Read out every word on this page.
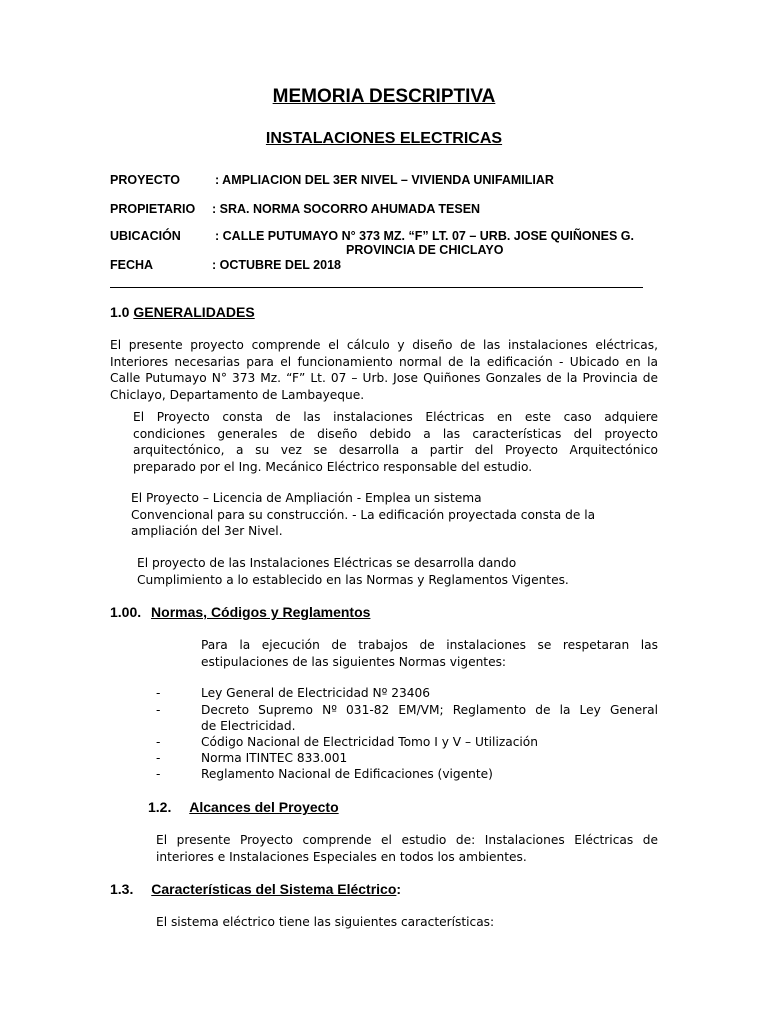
MEMORIA DESCRIPTIVA
INSTALACIONES ELECTRICAS
PROYECTO	: AMPLIACION DEL 3ER NIVEL – VIVIENDA UNIFAMILIAR
PROPIETARIO : SRA. NORMA SOCORRO AHUMADA TESEN
UBICACIÓN	: CALLE PUTUMAYO N° 373 MZ. “F” LT. 07 – URB. JOSE QUIÑONES G.
PROVINCIA DE CHICLAYO
FECHA	: OCTUBRE DEL 2018
1.0 GENERALIDADES
El presente proyecto comprende el cálculo y diseño de las instalaciones eléctricas,
Interiores necesarias para el funcionamiento normal de la edificación - Ubicado en la
Calle Putumayo N° 373 Mz. “F” Lt. 07 – Urb. Jose Quiñones Gonzales de la Provincia de
Chiclayo, Departamento de Lambayeque.
El Proyecto consta de las instalaciones Eléctricas en este caso adquiere
condiciones generales de diseño debido a las características del proyecto
arquitectónico, a su vez se desarrolla a partir del Proyecto Arquitectónico
preparado por el Ing. Mecánico Eléctrico responsable del estudio.
El Proyecto – Licencia de Ampliación - Emplea un sistema
Convencional para su construcción. - La edificación proyectada consta de la
ampliación del 3er Nivel.
El proyecto de las Instalaciones Eléctricas se desarrolla dando
Cumplimiento a lo establecido en las Normas y Reglamentos Vigentes.
1.00. Normas, Códigos y Reglamentos
Para la ejecución de trabajos de instalaciones se respetaran las
estipulaciones de las siguientes Normas vigentes:
-	Ley General de Electricidad Nº 23406
-	Decreto Supremo Nº 031-82 EM/VM; Reglamento de la Ley General
de Electricidad.
-	Código Nacional de Electricidad Tomo I y V – Utilización
-	Norma ITINTEC 833.001
-	Reglamento Nacional de Edificaciones (vigente)
1.2. Alcances del Proyecto
El presente Proyecto comprende el estudio de: Instalaciones Eléctricas de
interiores e Instalaciones Especiales en todos los ambientes.
1.3. Características del Sistema Eléctrico:
El sistema eléctrico tiene las siguientes características:
